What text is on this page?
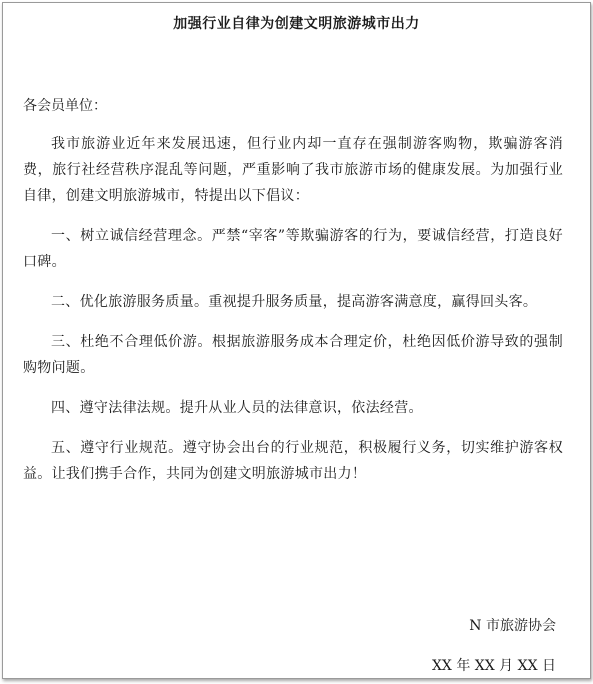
加强行业自律为创建文明旅游城市出力
各会员单位：

我市旅游业近年来发展迅速，但行业内却一直存在强制游客购物，欺骗游客消费，旅行社经营秩序混乱等问题，严重影响了我市旅游市场的健康发展。为加强行业自律，创建文明旅游城市，特提出以下倡议：

一、树立诚信经营理念。严禁“宰客”等欺骗游客的行为，要诚信经营，打造良好口碑。

二、优化旅游服务质量。重视提升服务质量，提高游客满意度，赢得回头客。

三、杜绝不合理低价游。根据旅游服务成本合理定价，杜绝因低价游导致的强制购物问题。

四、遵守法律法规。提升从业人员的法律意识，依法经营。

五、遵守行业规范。遵守协会出台的行业规范，积极履行义务，切实维护游客权益。让我们携手合作，共同为创建文明旅游城市出力！

N 市旅游协会
XX 年 XX 月 XX 日
